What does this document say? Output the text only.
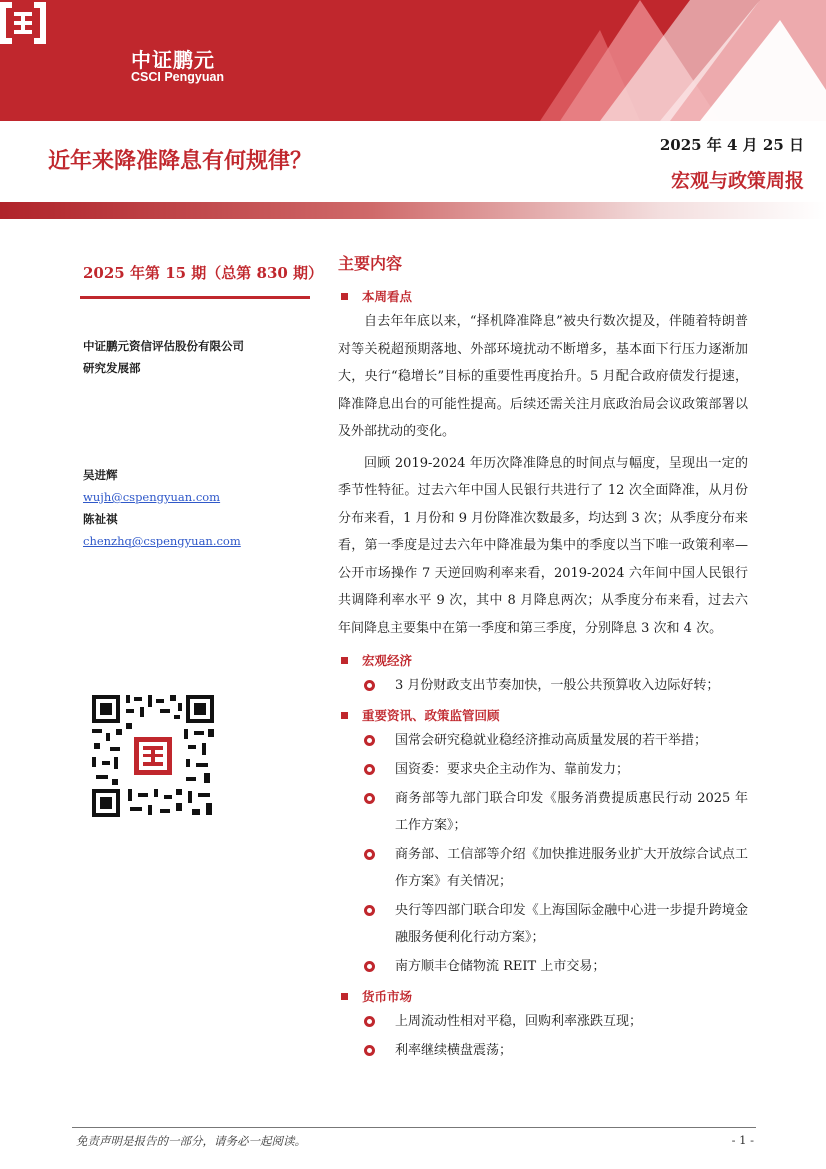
中证鹏元
CSCI Pengyuan
近年来降准降息有何规律？
2025 年 4 月 25 日
宏观与政策周报
2025 年第 15 期（总第 830 期）
中证鹏元资信评估股份有限公司
研究发展部
吴进辉
wujh@cspengyuan.com
陈祉祺
chenzhq@cspengyuan.com
主要内容
本周看点

自去年年底以来，“择机降准降息”被央行数次提及，伴随着特朗普对等关税超预期落地、外部环境扰动不断增多，基本面下行压力逐渐加大，央行“稳增长”目标的重要性再度抬升。5 月配合政府债发行提速，降准降息出台的可能性提高。后续还需关注月底政治局会议政策部署以及外部扰动的变化。

回顾 2019-2024 年历次降准降息的时间点与幅度，呈现出一定的季节性特征。过去六年中国人民银行共进行了 12 次全面降准，从月份分布来看，1 月份和 9 月份降准次数最多，均达到 3 次；从季度分布来看，第一季度是过去六年中降准最为集中的季度以当下唯一政策利率—公开市场操作 7 天逆回购利率来看，2019-2024 六年间中国人民银行共调降利率水平 9 次，其中 8 月降息两次；从季度分布来看，过去六年间降息主要集中在第一季度和第三季度，分别降息 3 次和 4 次。

宏观经济
3 月份财政支出节奏加快，一般公共预算收入边际好转；
重要资讯、政策监管回顾
国常会研究稳就业稳经济推动高质量发展的若干举措；
国资委：要求央企主动作为、靠前发力；
商务部等九部门联合印发《服务消费提质惠民行动 2025 年工作方案》；
商务部、工信部等介绍《加快推进服务业扩大开放综合试点工作方案》有关情况；
央行等四部门联合印发《上海国际金融中心进一步提升跨境金融服务便利化行动方案》；
南方顺丰仓储物流 REIT 上市交易；
货币市场
上周流动性相对平稳，回购利率涨跌互现；
利率继续横盘震荡；
免责声明是报告的一部分，请务必一起阅读。	- 1 -
